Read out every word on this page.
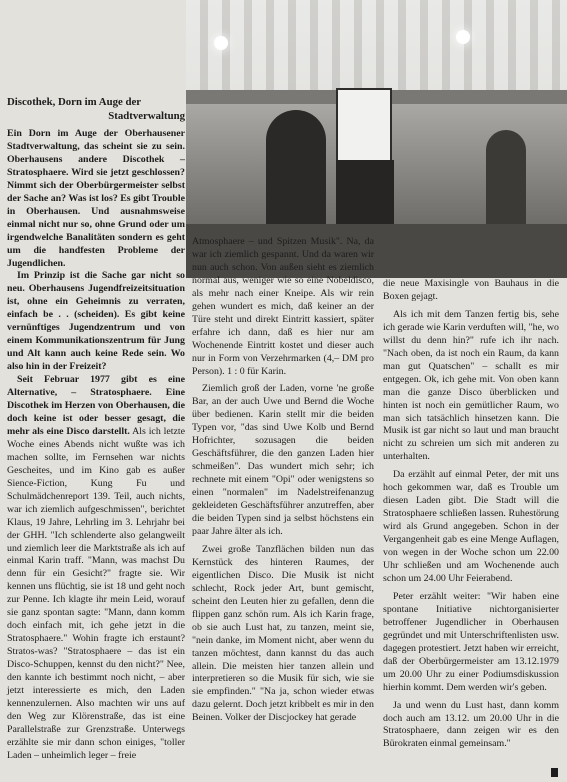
Discothek, Dorn im Auge der
Stadtverwaltung

Ein Dorn im Auge der Oberhausener Stadtverwaltung, das scheint sie zu sein. Oberhausens andere Discothek – Stratosphaere. Wird sie jetzt geschlossen? Nimmt sich der Oberbürgermeister selbst der Sache an? Was ist los? Es gibt Trouble in Oberhausen. Und ausnahmsweise einmal nicht nur so, ohne Grund oder um irgendwelche Banalitäten sondern es geht um die handfesten Probleme der Jugendlichen.

Im Prinzip ist die Sache gar nicht so neu. Oberhausens Jugendfreizeitsituation ist, ohne ein Geheimnis zu verraten, einfach be . . (scheiden). Es gibt keine vernünftiges Jugendzentrum und von einem Kommunikationszentrum für Jung und Alt kann auch keine Rede sein. Wo also hin in der Freizeit?

Seit Februar 1977 gibt es eine Alternative, – Stratosphaere. Eine Discothek im Herzen von Oberhausen, die doch keine ist oder besser gesagt, die mehr als eine Disco darstellt. Als ich letzte Woche eines Abends nicht wußte was ich machen sollte, im Fernsehen war nichts Gescheites, und im Kino gab es außer Sience-Fiction, Kung Fu und Schulmädchenreport 139. Teil, auch nichts, war ich ziemlich aufgeschmissen", berichtet Klaus, 19 Jahre, Lehrling im 3. Lehrjahr bei der GHH. "Ich schlenderte also gelangweilt und ziemlich leer die Marktstraße als ich auf einmal Karin traff. "Mann, was machst Du denn für ein Gesicht?" fragte sie. Wir kennen uns flüchtig, sie ist 18 und geht noch zur Penne. Ich klagte ihr mein Leid, worauf sie ganz spontan sagte: "Mann, dann komm doch einfach mit, ich gehe jetzt in die Stratosphaere." Wohin fragte ich erstaunt? Stratos-was? "Stratosphaere – das ist ein Disco-Schuppen, kennst du den nicht?" Nee, den kannte ich bestimmt noch nicht, – aber jetzt interessierte es mich, den Laden kennenzulernen. Also machten wir uns auf den Weg zur Klörenstraße, das ist eine Parallelstraße zur Grenzstraße. Unterwegs erzählte sie mir dann schon einiges, "toller Laden – unheimlich leger – freie

Atmosphaere – und Spitzen Musik". Na, da war ich ziemlich gespannt. Und da waren wir nun auch schon. Von außen sieht es ziemlich normal aus, weniger wie so eine Nobeldisco, als mehr nach einer Kneipe. Als wir rein gehen wundert es mich, daß keiner an der Türe steht und direkt Eintritt kassiert, später erfahre ich dann, daß es hier nur am Wochenende Eintritt kostet und dieser auch nur in Form von Verzehrmarken (4,– DM pro Person). 1 : 0 für Karin.

Ziemlich groß der Laden, vorne 'ne große Bar, an der auch Uwe und Bernd die Woche über bedienen. Karin stellt mir die beiden Typen vor, "das sind Uwe Kolb und Bernd Hofrichter, sozusagen die beiden Geschäftsführer, die den ganzen Laden hier schmeißen". Das wundert mich sehr; ich rechnete mit einem "Opi" oder wenigstens so einen "normalen" im Nadelstreifenanzug gekleideten Geschäftsführer anzutreffen, aber die beiden Typen sind ja selbst höchstens ein paar Jahre älter als ich.

Zwei große Tanzflächen bilden nun das Kernstück des hinteren Raumes, der eigentlichen Disco. Die Musik ist nicht schlecht, Rock jeder Art, bunt gemischt, scheint den Leuten hier zu gefallen, denn die flippen ganz schön rum. Als ich Karin frage, ob sie auch Lust hat, zu tanzen, meint sie, "nein danke, im Moment nicht, aber wenn du tanzen möchtest, dann kannst du das auch allein. Die meisten hier tanzen allein und interpretieren so die Musik für sich, wie sie sie empfinden." "Na ja, schon wieder etwas dazu gelernt. Doch jetzt kribbelt es mir in den Beinen. Volker der Discjockey hat gerade

die neue Maxisingle von Bauhaus in die Boxen gejagt.

Als ich mit dem Tanzen fertig bis, sehe ich gerade wie Karin verduften will, "he, wo willst du denn hin?" rufe ich ihr nach. "Nach oben, da ist noch ein Raum, da kann man gut Quatschen" – schallt es mir entgegen. Ok, ich gehe mit. Von oben kann man die ganze Disco überblicken und hinten ist noch ein gemütlicher Raum, wo man sich tatsächlich hinsetzen kann. Die Musik ist gar nicht so laut und man braucht nicht zu schreien um sich mit anderen zu unterhalten.

Da erzählt auf einmal Peter, der mit uns hoch gekommen war, daß es Trouble um diesen Laden gibt. Die Stadt will die Stratosphaere schließen lassen. Ruhestörung wird als Grund angegeben. Schon in der Vergangenheit gab es eine Menge Auflagen, von wegen in der Woche schon um 22.00 Uhr schließen und am Wochenende auch schon um 24.00 Uhr Feierabend.

Peter erzählt weiter: "Wir haben eine spontane Initiative nichtorganisierter betroffener Jugendlicher in Oberhausen gegründet und mit Unterschriftenlisten usw. dagegen protestiert. Jetzt haben wir erreicht, daß der Oberbürgermeister am 13.12.1979 um 20.00 Uhr zu einer Podiumsdiskussion hierhin kommt. Dem werden wir's geben.

Ja und wenn du Lust hast, dann komm doch auch am 13.12. um 20.00 Uhr in die Stratosphaere, dann zeigen wir es den Bürokraten einmal gemeinsam."
